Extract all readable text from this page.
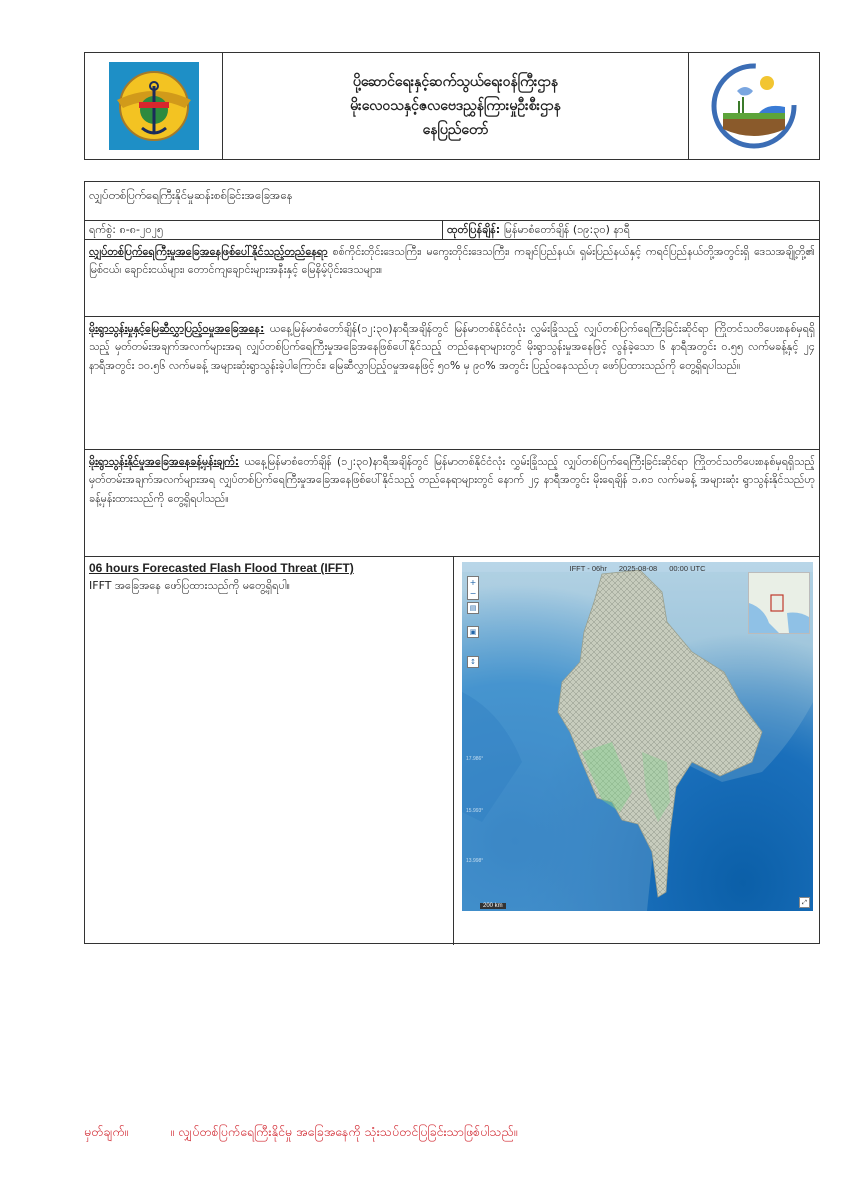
ပို့ဆောင်ရေးနှင့်ဆက်သွယ်ရေးဝန်ကြီးဌာန
မိုးလေဝသနှင့်ဇလဗေဒညွှန်ကြားမှုဦးစီးဌာန
နေပြည်တော်
လျှပ်တစ်ပြက်ရေကြီးနိုင်မှုဆန်းစစ်ခြင်းအခြေအနေ
ရက်စွဲ: ၈-၈-၂၀၂၅	ထုတ်ပြန်ချိန်: မြန်မာစံတော်ချိန် (၁၉:၃၀) နာရီ
လျှပ်တစ်ပြက်ရေကြီးမှုအခြေအနေဖြစ်ပေါ်နိုင်သည့်တည်နေရာ စစ်ကိုင်းတိုင်းဒေသကြီး၊ မကွေးတိုင်းဒေသကြီး၊ ကချင်ပြည်နယ်၊ ရှမ်းပြည်နယ်နှင့် ကရင်ပြည်နယ်တို့အတွင်းရှိ ဒေသအချို့တို့၏ မြစ်ငယ်၊ ချောင်းငယ်များ၊ တောင်ကျချောင်းများအနီးနှင့် မြေနိမ့်ပိုင်းဒေသများ။
မိုးရွာသွန်းမှုနှင့်မြေဆီလွှာပြည့်ဝမှုအခြေအနေ: ယနေ့မြန်မာစံတော်ချိန်(၁၂:၃၀)နာရီအချိန်တွင် မြန်မာတစ်နိုင်ငံလုံး လွှမ်းခြုံသည့် လျှပ်တစ်ပြက်ရေကြီးခြင်းဆိုင်ရာ ကြိုတင်သတိပေးစနစ်မှရရှိသည့် မှတ်တမ်းအချက်အလက်များအရ လျှပ်တစ်ပြက်ရေကြီးမှုအခြေအနေဖြစ်ပေါ်နိုင်သည့် တည်နေရာများတွင် မိုးရွာသွန်းမှုအနေဖြင့် လွန်ခဲ့သော ၆ နာရီအတွင်း ၀.၅၅ လက်မခန့်နှင့် ၂၄ နာရီအတွင်း ၁၀.၅၆ လက်မခန့် အများဆုံးရွာသွန်းခဲ့ပါကြောင်း၊ မြေဆီလွှာပြည့်ဝမှုအနေဖြင့် ၅၀% မှ ၉၀% အတွင်း ပြည့်ဝနေသည်ဟု ဖော်ပြထားသည်ကို တွေ့ရှိရပါသည်။
မိုးရွာသွန်းနိုင်မှုအခြေအနေခန့်မှန်းချက်: ယနေ့မြန်မာစံတော်ချိန် (၁၂:၃၀)နာရီအချိန်တွင် မြန်မာတစ်နိုင်ငံလုံး လွှမ်းခြုံသည့် လျှပ်တစ်ပြက်ရေကြီးခြင်းဆိုင်ရာ ကြိုတင်သတိပေးစနစ်မှရရှိသည့် မှတ်တမ်းအချက်အလက်များအရ လျှပ်တစ်ပြက်ရေကြီးမှုအခြေအနေဖြစ်ပေါ်နိုင်သည့် တည်နေရာများတွင် နောက် ၂၄ နာရီအတွင်း မိုးရေချိန် ၁.၈၁ လက်မခန့် အများဆုံး ရွာသွန်းနိုင်သည်ဟု ခန့်မှန်းထားသည်ကို တွေ့ရှိရပါသည်။
06 hours Forecasted Flash Flood Threat (IFFT)
IFFT အခြေအနေ ဖော်ပြထားသည်ကို မတွေ့ရှိရပါ။
17.986°
15.993°
13.998°
IFFT - 06hr 2025-08-08 00:00 UTC
+
−
▤
▣
↕
200 km	⤢
မှတ်ချက်။	။ လျှပ်တစ်ပြက်ရေကြီးနိုင်မှု အခြေအနေကို သုံးသပ်တင်ပြခြင်းသာဖြစ်ပါသည်။
